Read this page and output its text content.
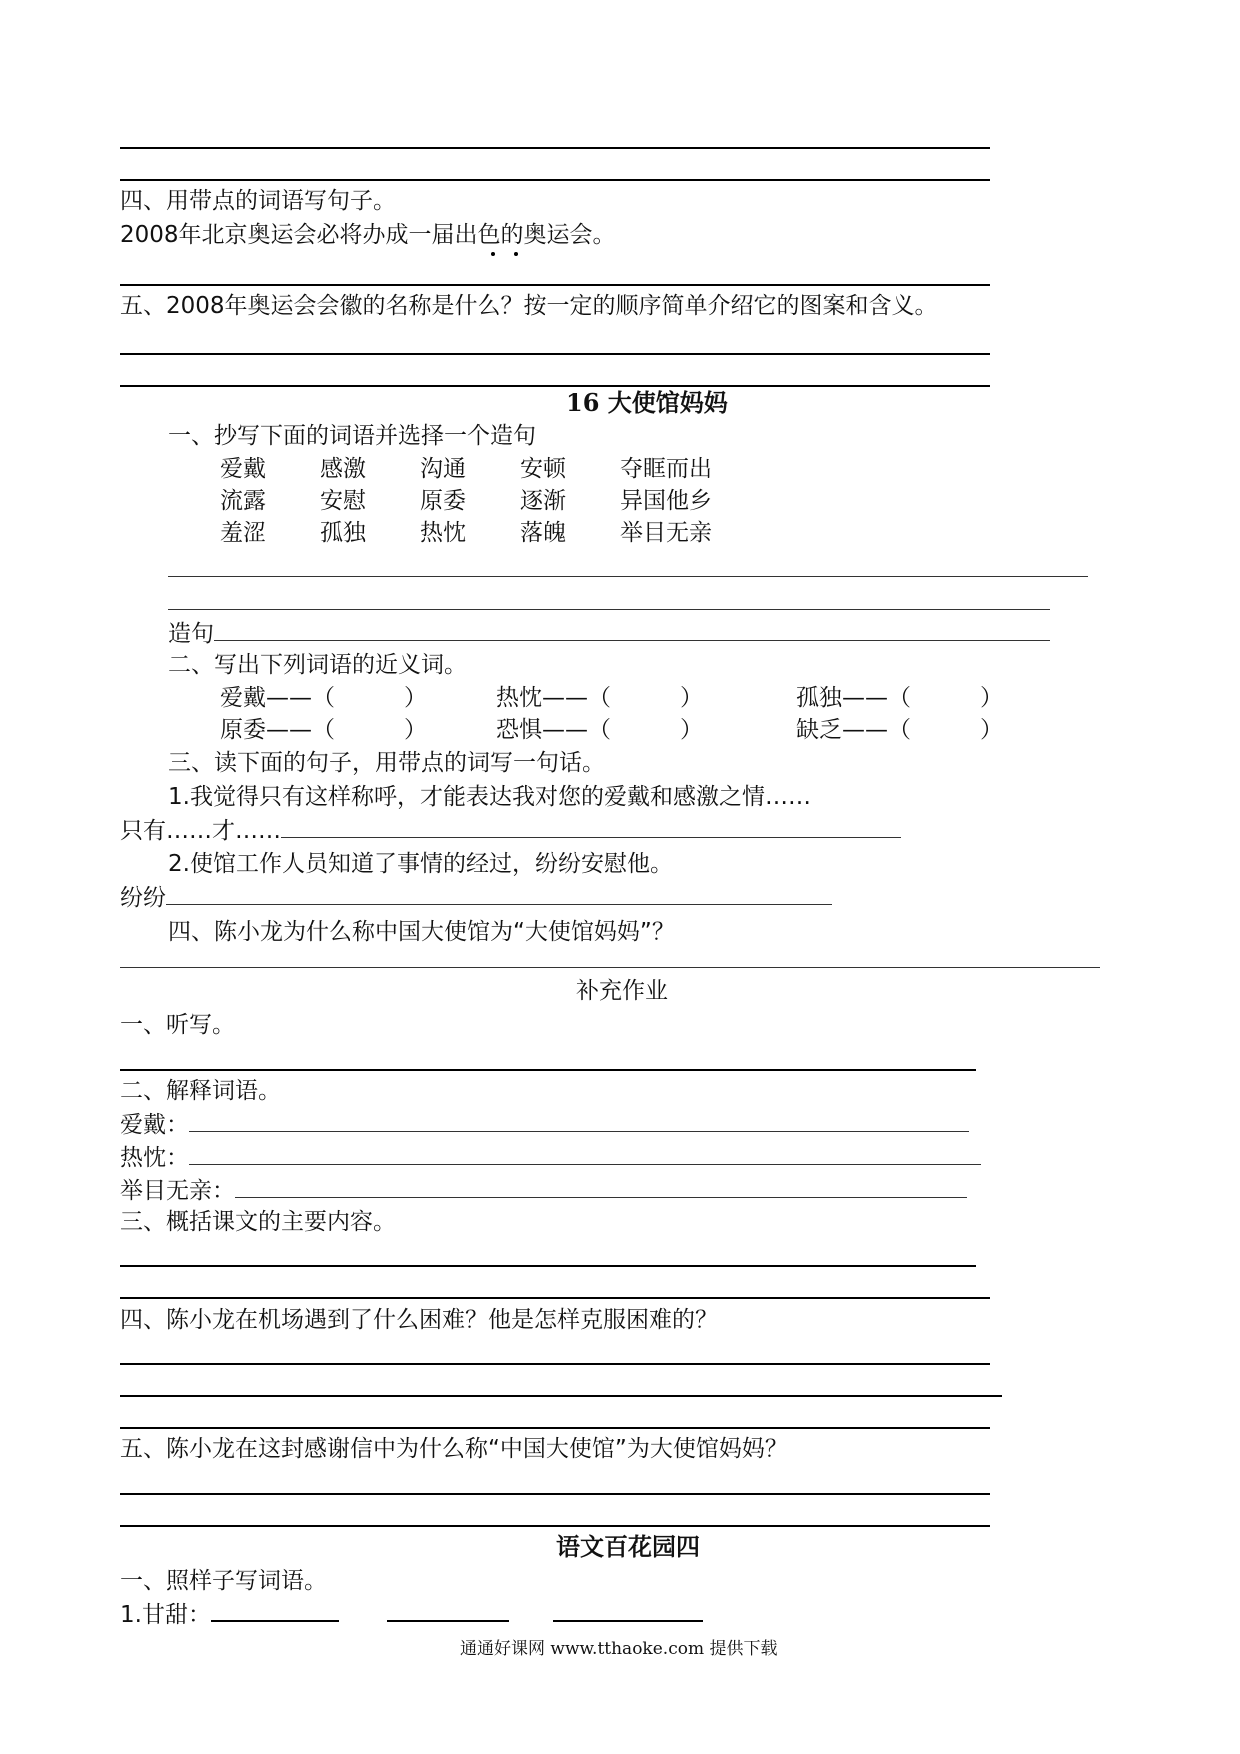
四、用带点的词语写句子。
2008年北京奥运会必将办成一届出色的奥运会。
五、2008年奥运会会徽的名称是什么？按一定的顺序简单介绍它的图案和含义。
16 大使馆妈妈
一、抄写下面的词语并选择一个造句
爱戴 感激 沟通 安顿 夺眶而出
流露 安慰 原委 逐渐 异国他乡
羞涩 孤独 热忱 落魄 举目无亲
造句
二、写出下列词语的近义词。
爱戴——（　　　）	热忱——（　　　）	孤独——（　　　）
原委——（　　　）	恐惧——（　　　）	缺乏——（　　　）
三、读下面的句子，用带点的词写一句话。
1.我觉得只有这样称呼，才能表达我对您的爱戴和感激之情……
只有……才……
2.使馆工作人员知道了事情的经过，纷纷安慰他。
纷纷
四、陈小龙为什么称中国大使馆为“大使馆妈妈”？
补充作业
一、听写。
二、解释词语。
爱戴：
热忱：
举目无亲：
三、概括课文的主要内容。
四、陈小龙在机场遇到了什么困难？他是怎样克服困难的？
五、陈小龙在这封感谢信中为什么称“中国大使馆”为大使馆妈妈？
语文百花园四
一、照样子写词语。
1.甘甜：
通通好课网 www.tthaoke.com 提供下载
